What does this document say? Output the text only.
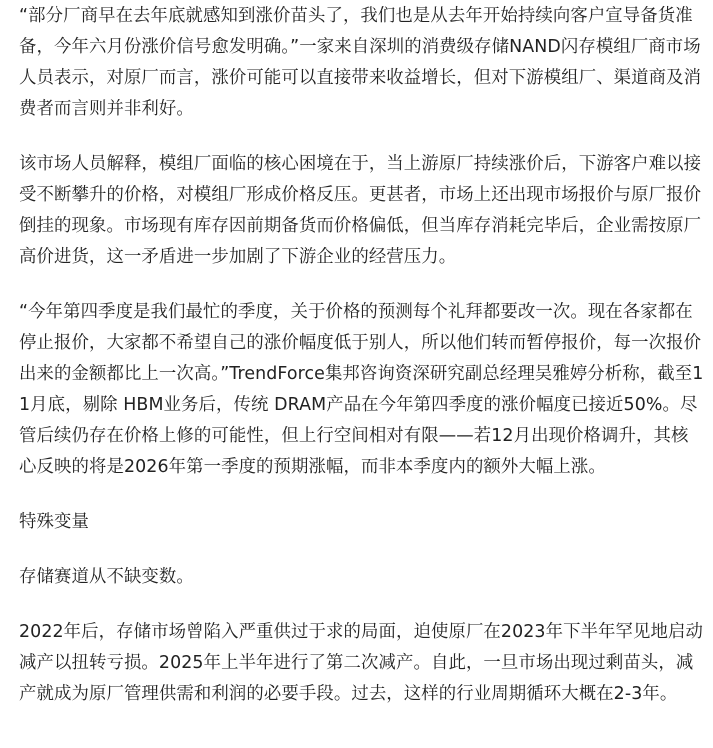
“部分厂商早在去年底就感知到涨价苗头了，我们也是从去年开始持续向客户宣导备货准备，今年六月份涨价信号愈发明确。”一家来自深圳的消费级存储NAND闪存模组厂商市场人员表示，对原厂而言，涨价可能可以直接带来收益增长，但对下游模组厂、渠道商及消费者而言则并非利好。

该市场人员解释，模组厂面临的核心困境在于，当上游原厂持续涨价后，下游客户难以接受不断攀升的价格，对模组厂形成价格反压。更甚者，市场上还出现市场报价与原厂报价倒挂的现象。市场现有库存因前期备货而价格偏低，但当库存消耗完毕后，企业需按原厂高价进货，这一矛盾进一步加剧了下游企业的经营压力。

“今年第四季度是我们最忙的季度，关于价格的预测每个礼拜都要改一次。现在各家都在停止报价，大家都不希望自己的涨价幅度低于别人，所以他们转而暂停报价，每一次报价出来的金额都比上一次高。”TrendForce集邦咨询资深研究副总经理吴雅婷分析称，截至11月底，剔除 HBM业务后，传统 DRAM产品在今年第四季度的涨价幅度已接近50%。尽管后续仍存在价格上修的可能性，但上行空间相对有限——若12月出现价格调升，其核心反映的将是2026年第一季度的预期涨幅，而非本季度内的额外大幅上涨。

特殊变量

存储赛道从不缺变数。

2022年后，存储市场曾陷入严重供过于求的局面，迫使原厂在2023年下半年罕见地启动减产以扭转亏损。2025年上半年进行了第二次减产。自此，一旦市场出现过剩苗头，减产就成为原厂管理供需和利润的必要手段。过去，这样的行业周期循环大概在2-3年。
